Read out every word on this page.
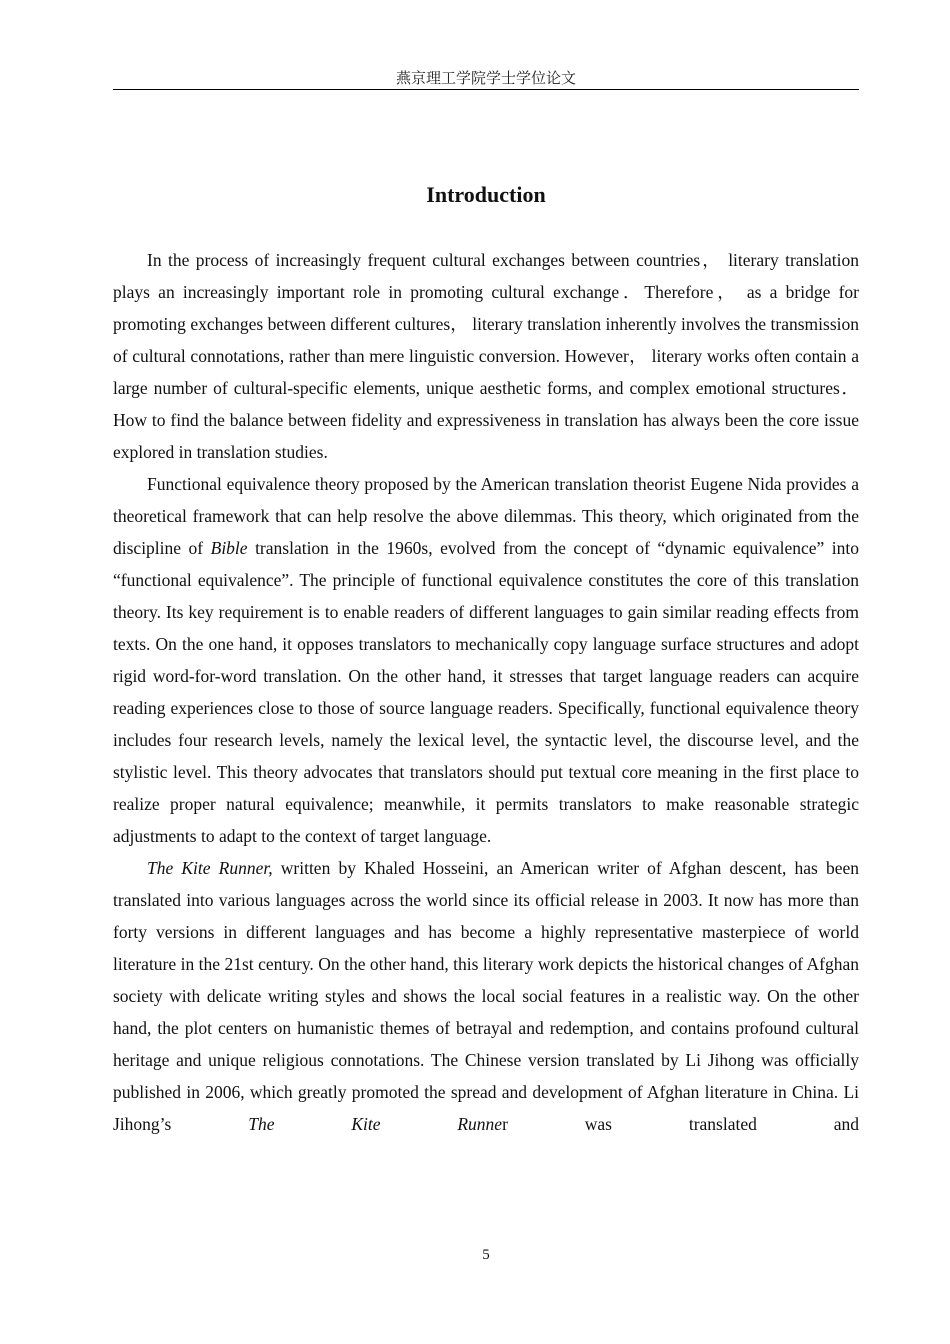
燕京理工学院学士学位论文
Introduction

In the process of increasingly frequent cultural exchanges between countries， literary translation plays an increasingly important role in promoting cultural exchange．Therefore， as a bridge for promoting exchanges between different cultures， literary translation inherently involves the transmission of cultural connotations, rather than mere linguistic conversion. However， literary works often contain a large number of cultural-specific elements, unique aesthetic forms, and complex emotional structures． How to find the balance between fidelity and expressiveness in translation has always been the core issue explored in translation studies.

Functional equivalence theory proposed by the American translation theorist Eugene Nida provides a theoretical framework that can help resolve the above dilemmas. This theory, which originated from the discipline of Bible translation in the 1960s, evolved from the concept of “dynamic equivalence” into “functional equivalence”. The principle of functional equivalence constitutes the core of this translation theory. Its key requirement is to enable readers of different languages to gain similar reading effects from texts. On the one hand, it opposes translators to mechanically copy language surface structures and adopt rigid word-for-word translation. On the other hand, it stresses that target language readers can acquire reading experiences close to those of source language readers. Specifically, functional equivalence theory includes four research levels, namely the lexical level, the syntactic level, the discourse level, and the stylistic level. This theory advocates that translators should put textual core meaning in the first place to realize proper natural equivalence; meanwhile, it permits translators to make reasonable strategic adjustments to adapt to the context of target language.

The Kite Runner, written by Khaled Hosseini, an American writer of Afghan descent, has been translated into various languages across the world since its official release in 2003. It now has more than forty versions in different languages and has become a highly representative masterpiece of world literature in the 21st century. On the other hand, this literary work depicts the historical changes of Afghan society with delicate writing styles and shows the local social features in a realistic way. On the other hand, the plot centers on humanistic themes of betrayal and redemption, and contains profound cultural heritage and unique religious connotations. The Chinese version translated by Li Jihong was officially published in 2006, which greatly promoted the spread and development of Afghan literature in China. Li Jihong’s The Kite Runner was translated and

5
